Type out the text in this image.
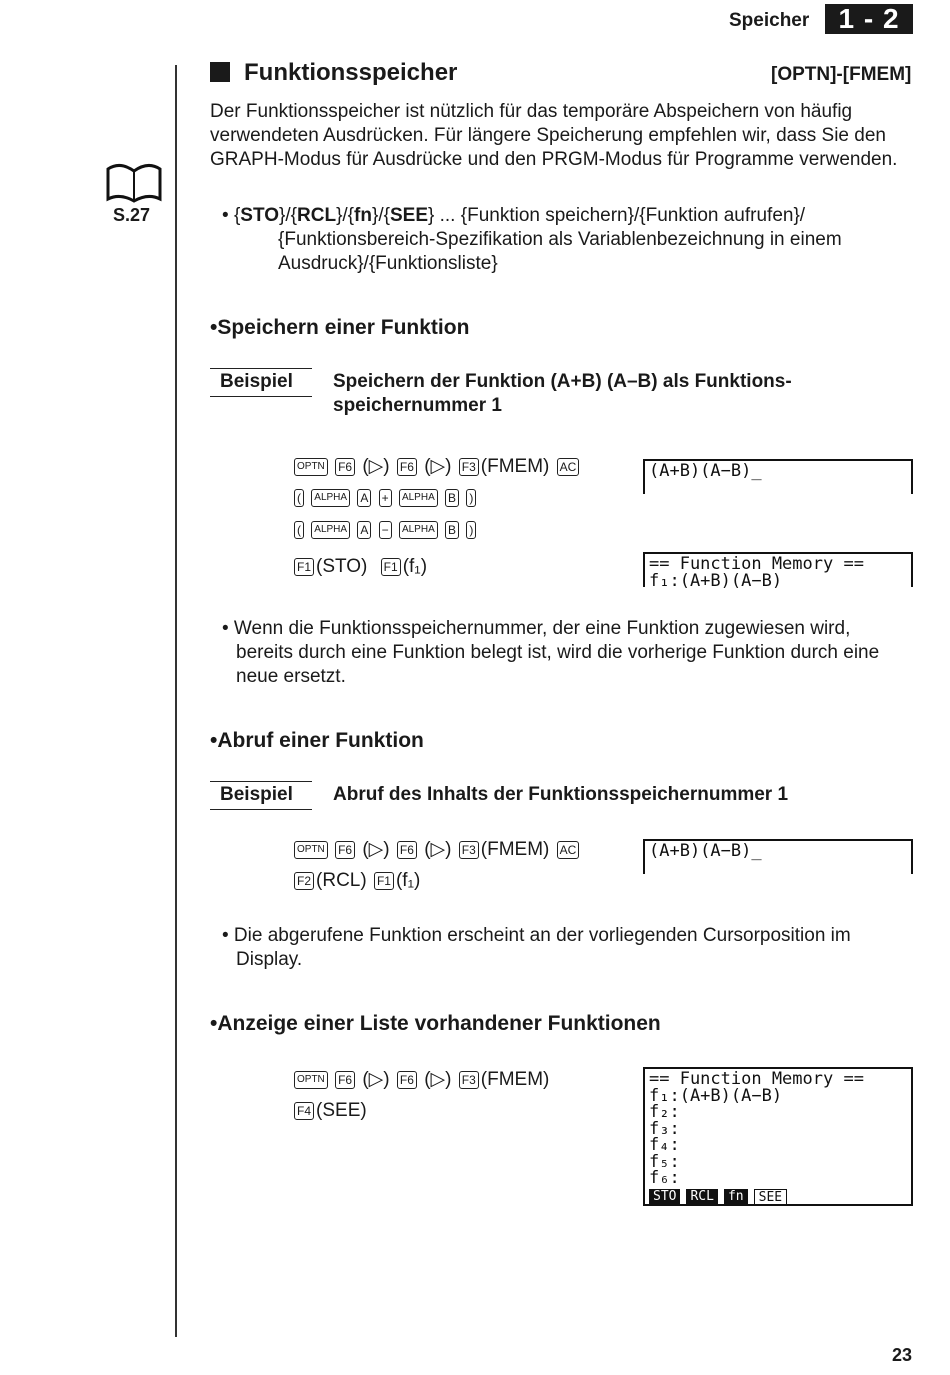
Speicher	1 - 2
S.27
Funktionsspeicher	[OPTN]-[FMEM]
Der Funktionsspeicher ist nützlich für das temporäre Abspeichern von häufig
verwendeten Ausdrücken. Für längere Speicherung empfehlen wir, dass Sie den
GRAPH-Modus für Ausdrücke und den PRGM-Modus für Programme verwenden.
• {STO}/{RCL}/{fn}/{SEE} ... {Funktion speichern}/{Funktion aufrufen}/
{Funktionsbereich-Spezifikation als Variablenbezeichnung in einem
Ausdruck}/{Funktionsliste}
•Speichern einer Funktion
Beispiel	Speichern der Funktion (A+B) (A–B) als Funktions-
speichernummer 1
OPTN F6 (▷) F6 (▷) F3 (FMEM) AC
( ALPHA A + ALPHA B )
( ALPHA A − ALPHA B )
F1 (STO) F1 (f₁)
(A+B)(A−B)_
== Function Memory ==
f₁:(A+B)(A−B)
• Wenn die Funktionsspeichernummer, der eine Funktion zugewiesen wird,
bereits durch eine Funktion belegt ist, wird die vorherige Funktion durch eine
neue ersetzt.
•Abruf einer Funktion
Beispiel	Abruf des Inhalts der Funktionsspeichernummer 1
OPTN F6 (▷) F6 (▷) F3 (FMEM) AC
F2 (RCL) F1 (f₁)
(A+B)(A−B)_
• Die abgerufene Funktion erscheint an der vorliegenden Cursorposition im
Display.
•Anzeige einer Liste vorhandener Funktionen
OPTN F6 (▷) F6 (▷) F3 (FMEM)
F4 (SEE)
== Function Memory ==
f₁:(A+B)(A−B)
f₂:
f₃:
f₄:
f₅:
f₆:
STO	RCL	fn	SEE
23
